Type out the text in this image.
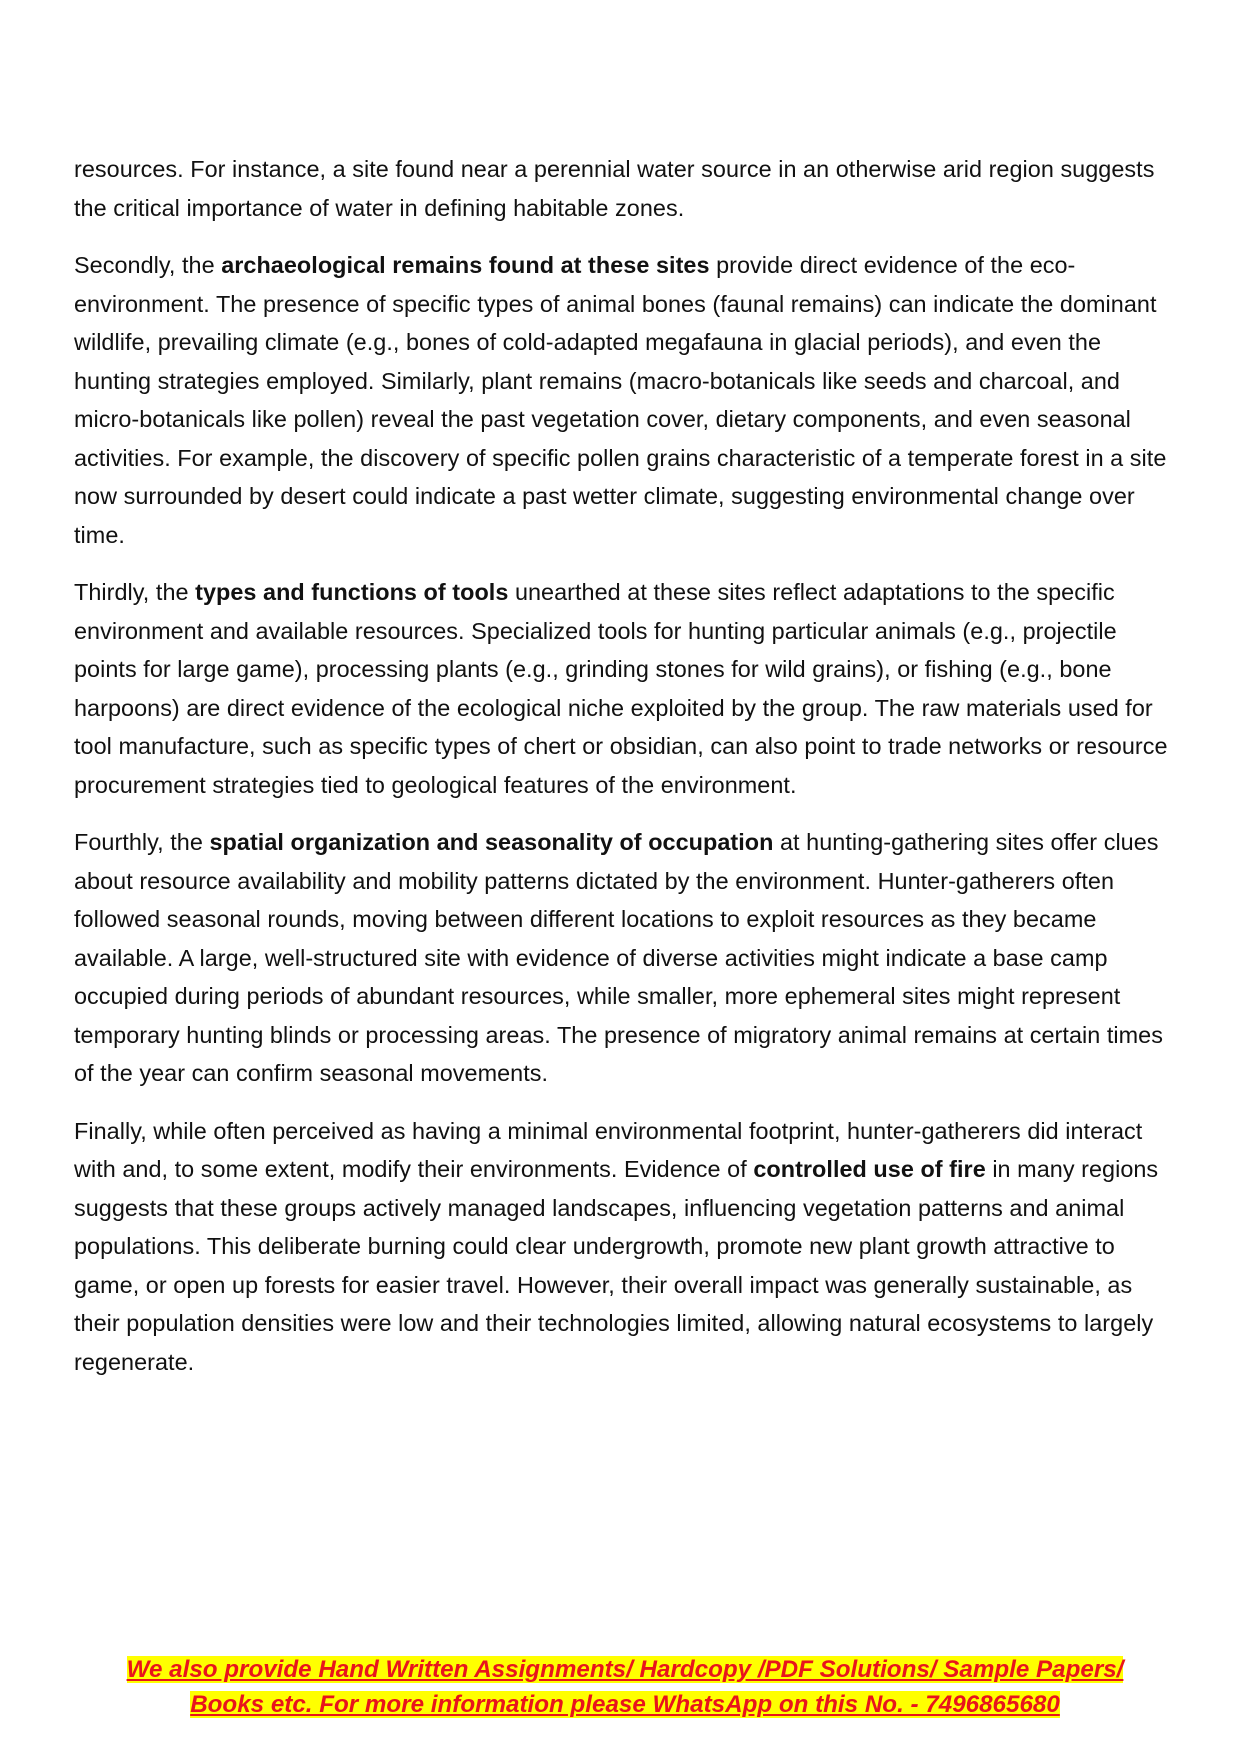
resources. For instance, a site found near a perennial water source in an otherwise arid region suggests the critical importance of water in defining habitable zones.

Secondly, the archaeological remains found at these sites provide direct evidence of the eco-environment. The presence of specific types of animal bones (faunal remains) can indicate the dominant wildlife, prevailing climate (e.g., bones of cold-adapted megafauna in glacial periods), and even the hunting strategies employed. Similarly, plant remains (macro-botanicals like seeds and charcoal, and micro-botanicals like pollen) reveal the past vegetation cover, dietary components, and even seasonal activities. For example, the discovery of specific pollen grains characteristic of a temperate forest in a site now surrounded by desert could indicate a past wetter climate, suggesting environmental change over time.

Thirdly, the types and functions of tools unearthed at these sites reflect adaptations to the specific environment and available resources. Specialized tools for hunting particular animals (e.g., projectile points for large game), processing plants (e.g., grinding stones for wild grains), or fishing (e.g., bone harpoons) are direct evidence of the ecological niche exploited by the group. The raw materials used for tool manufacture, such as specific types of chert or obsidian, can also point to trade networks or resource procurement strategies tied to geological features of the environment.

Fourthly, the spatial organization and seasonality of occupation at hunting-gathering sites offer clues about resource availability and mobility patterns dictated by the environment. Hunter-gatherers often followed seasonal rounds, moving between different locations to exploit resources as they became available. A large, well-structured site with evidence of diverse activities might indicate a base camp occupied during periods of abundant resources, while smaller, more ephemeral sites might represent temporary hunting blinds or processing areas. The presence of migratory animal remains at certain times of the year can confirm seasonal movements.

Finally, while often perceived as having a minimal environmental footprint, hunter-gatherers did interact with and, to some extent, modify their environments. Evidence of controlled use of fire in many regions suggests that these groups actively managed landscapes, influencing vegetation patterns and animal populations. This deliberate burning could clear undergrowth, promote new plant growth attractive to game, or open up forests for easier travel. However, their overall impact was generally sustainable, as their population densities were low and their technologies limited, allowing natural ecosystems to largely regenerate.

We also provide Hand Written Assignments/ Hardcopy /PDF Solutions/ Sample Papers/
Books etc. For more information please WhatsApp on this No. - 7496865680
